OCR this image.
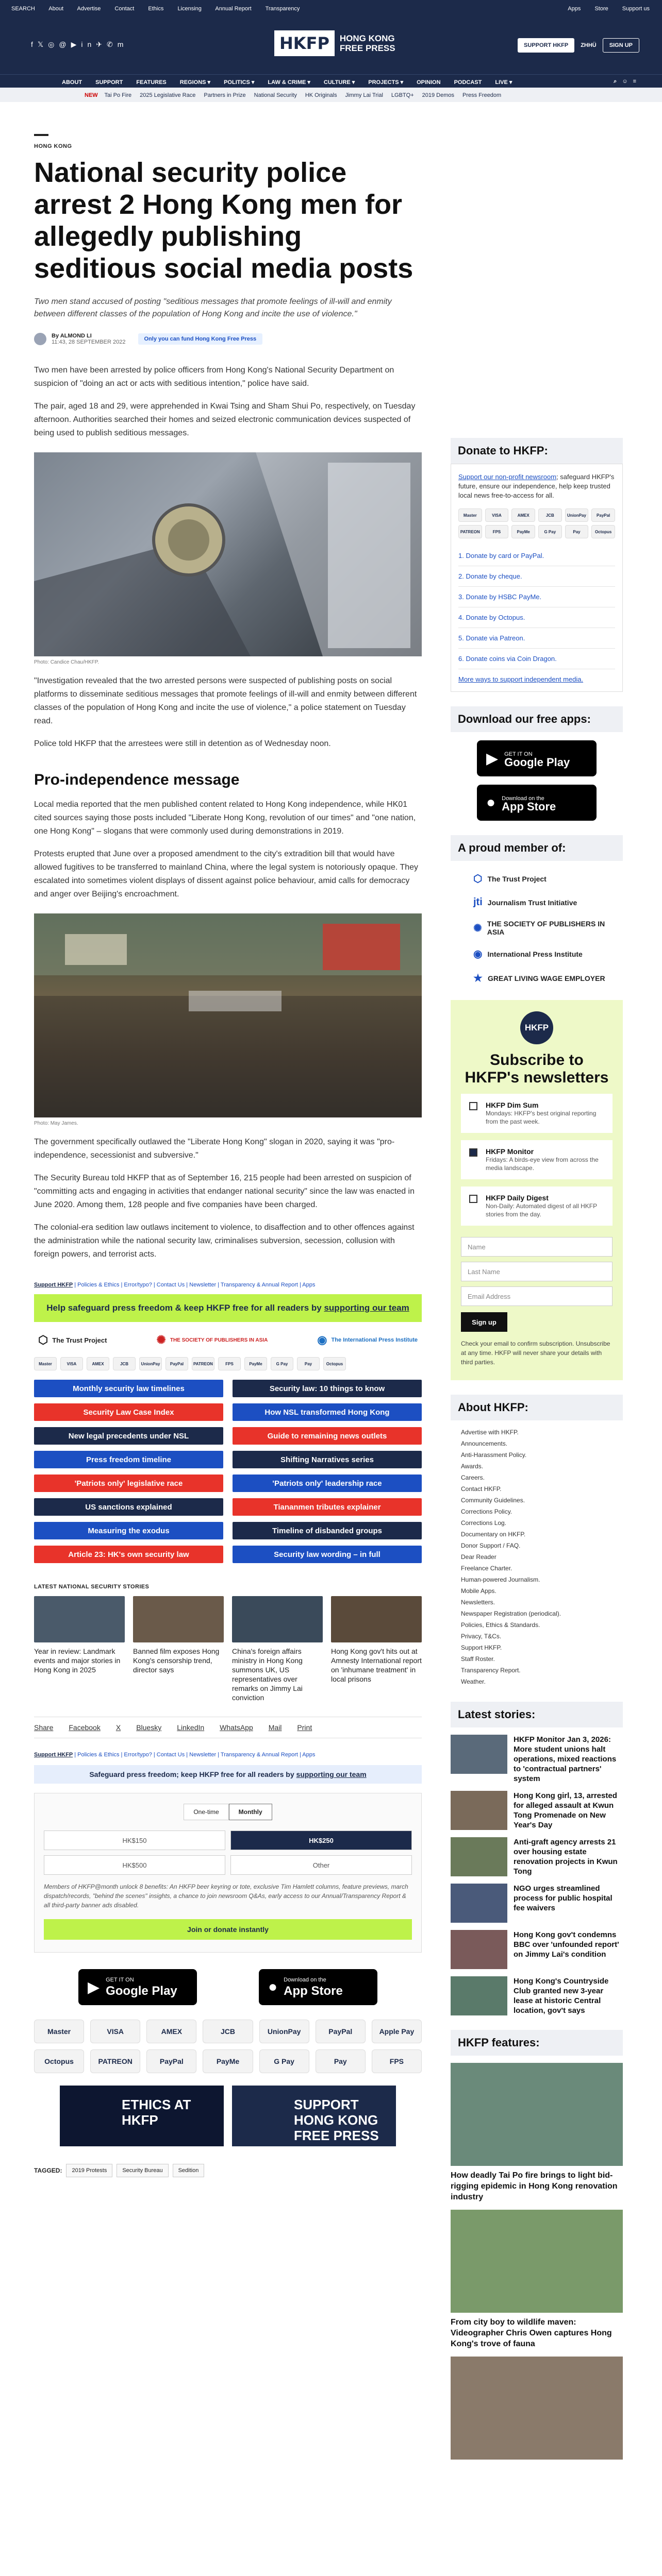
SEARCH About Advertise Contact Ethics Licensing Annual Report Transparency	Apps Store Support us
f𝕏◎@▶in✈✆m	HKFP	HONG KONG
FREE PRESS	SUPPORT HKFP	ZHHÜ	SIGN UP
ABOUT SUPPORT FEATURES REGIONS ▾ POLITICS ▾ LAW & CRIME ▾ CULTURE ▾ PROJECTS ▾ OPINION PODCAST LIVE ▾	⌕☺≡
NEW Tai Po Fire 2025 Legislative Race Partners in Prize National Security HK Originals Jimmy Lai Trial LGBTQ+ 2019 Demos Press Freedom
HONG KONG
National security police arrest 2 Hong Kong men for allegedly publishing seditious social media posts
Two men stand accused of posting "seditious messages that promote feelings of ill-will and enmity between different classes of the population of Hong Kong and incite the use of violence."
By ALMOND LI
11:43, 28 SEPTEMBER 2022	Only you can fund Hong Kong Free Press

Two men have been arrested by police officers from Hong Kong's National Security Department on suspicion of "doing an act or acts with seditious intention," police have said.

The pair, aged 18 and 29, were apprehended in Kwai Tsing and Sham Shui Po, respectively, on Tuesday afternoon. Authorities searched their homes and seized electronic communication devices suspected of being used to publish seditious messages.

Photo: Candice Chau/HKFP.

"Investigation revealed that the two arrested persons were suspected of publishing posts on social platforms to disseminate seditious messages that promote feelings of ill-will and enmity between different classes of the population of Hong Kong and incite the use of violence," a police statement on Tuesday read.

Police told HKFP that the arrestees were still in detention as of Wednesday noon.

Pro-independence message

Local media reported that the men published content related to Hong Kong independence, while HK01 cited sources saying those posts included "Liberate Hong Kong, revolution of our times" and "one nation, one Hong Kong" – slogans that were commonly used during demonstrations in 2019.

Protests erupted that June over a proposed amendment to the city's extradition bill that would have allowed fugitives to be transferred to mainland China, where the legal system is notoriously opaque. They escalated into sometimes violent displays of dissent against police behaviour, amid calls for democracy and anger over Beijing's encroachment.

Photo: May James.

The government specifically outlawed the "Liberate Hong Kong" slogan in 2020, saying it was "pro-independence, secessionist and subversive."

The Security Bureau told HKFP that as of September 16, 215 people had been arrested on suspicion of "committing acts and engaging in activities that endanger national security" since the law was enacted in June 2020. Among them, 128 people and five companies have been charged.

The colonial-era sedition law outlaws incitement to violence, to disaffection and to other offences against the administration while the national security law, criminalises subversion, secession, collusion with foreign powers, and terrorist acts.

Support HKFP | Policies & Ethics | Error/typo? | Contact Us | Newsletter | Transparency & Annual Report | Apps
Help safeguard press freedom & keep HKFP free for all readers by supporting our team
⬡ The Trust Project	✺ THE SOCIETY OF PUBLISHERS IN ASIA	◉ The International Press Institute
Master	VISA	AMEX	JCB	UnionPay	PayPal	PATREON	FPS	PayMe	G Pay	Pay	Octopus
Monthly security law timelines	Security law: 10 things to know
Security Law Case Index	How NSL transformed Hong Kong
New legal precedents under NSL	Guide to remaining news outlets
Press freedom timeline	Shifting Narratives series
'Patriots only' legislative race	'Patriots only' leadership race
US sanctions explained	Tiananmen tributes explainer
Measuring the exodus	Timeline of disbanded groups
Article 23: HK's own security law	Security law wording – in full
LATEST NATIONAL SECURITY STORIES
Year in review: Landmark events and major stories in Hong Kong in 2025
Banned film exposes Hong Kong's censorship trend, director says
China's foreign affairs ministry in Hong Kong summons UK, US representatives over remarks on Jimmy Lai conviction
Hong Kong gov't hits out at Amnesty International report on 'inhumane treatment' in local prisons
Share Facebook X Bluesky LinkedIn WhatsApp Mail Print
Support HKFP | Policies & Ethics | Error/typo? | Contact Us | Newsletter | Transparency & Annual Report | Apps
Safeguard press freedom; keep HKFP free for all readers by supporting our team
One-time	Monthly
HK$150	HK$250
HK$500	Other
Members of HKFP@month unlock 8 benefits: An HKFP beer keyring or tote, exclusive Tim Hamlett columns, feature previews, march dispatch/records, "behind the scenes" insights, a chance to join newsroom Q&As, early access to our Annual/Transparency Report & all third-party banner ads disabled.
Join or donate instantly
▶ GET IT ON
Google Play	● Download on the
App Store
Master	VISA	AMEX	JCB	UnionPay	PayPal	Apple Pay
Octopus	PATREON	PayPal	PayMe	G Pay	Pay	FPS
ETHICS AT HKFP
SUPPORT HONG KONG FREE PRESS
TAGGED:	2019 Protests	Security Bureau	Sedition
Donate to HKFP:
Support our non-profit newsroom; safeguard HKFP's future, ensure our independence, help keep trusted local news free-to-access for all.
Master	VISA	AMEX	JCB	UnionPay	PayPal
PATREON	FPS	PayMe	G Pay	Pay	Octopus
1. Donate by card or PayPal.
2. Donate by cheque.
3. Donate by HSBC PayMe.
4. Donate by Octopus.
5. Donate via Patreon.
6. Donate coins via Coin Dragon.
More ways to support independent media.
Download our free apps:
▶ GET IT ON
Google Play
● Download on the
App Store
A proud member of:
⬡ The Trust Project
jti Journalism Trust Initiative
✺ THE SOCIETY OF PUBLISHERS IN ASIA
◉ International Press Institute
★ GREAT LIVING WAGE EMPLOYER
HKFP
Subscribe to HKFP's newsletters
HKFP Dim Sum
Mondays: HKFP's best original reporting from the past week.
HKFP Monitor
Fridays: A birds-eye view from across the media landscape.
HKFP Daily Digest
Non-Daily: Automated digest of all HKFP stories from the day.
Name
Last Name
Email Address
Sign up
Check your email to confirm subscription. Unsubscribe at any time. HKFP will never share your details with third parties.
About HKFP:
Advertise with HKFP.
Announcements.
Anti-Harassment Policy.
Awards.
Careers.
Contact HKFP.
Community Guidelines.
Corrections Policy.
Corrections Log.
Documentary on HKFP.
Donor Support / FAQ.
Dear Reader
Freelance Charter.
Human-powered Journalism.
Mobile Apps.
Newsletters.
Newspaper Registration (periodical).
Policies, Ethics & Standards.
Privacy, T&Cs.
Support HKFP.
Staff Roster.
Transparency Report.
Weather.
Latest stories:
HKFP Monitor Jan 3, 2026: More student unions halt operations, mixed reactions to 'contractual partners' system
Hong Kong girl, 13, arrested for alleged assault at Kwun Tong Promenade on New Year's Day
Anti-graft agency arrests 21 over housing estate renovation projects in Kwun Tong
NGO urges streamlined process for public hospital fee waivers
Hong Kong gov't condemns BBC over 'unfounded report' on Jimmy Lai's condition
Hong Kong's Countryside Club granted new 3-year lease at historic Central location, gov't says
HKFP features:
How deadly Tai Po fire brings to light bid-rigging epidemic in Hong Kong renovation industry
From city boy to wildlife maven: Videographer Chris Owen captures Hong Kong's trove of fauna
